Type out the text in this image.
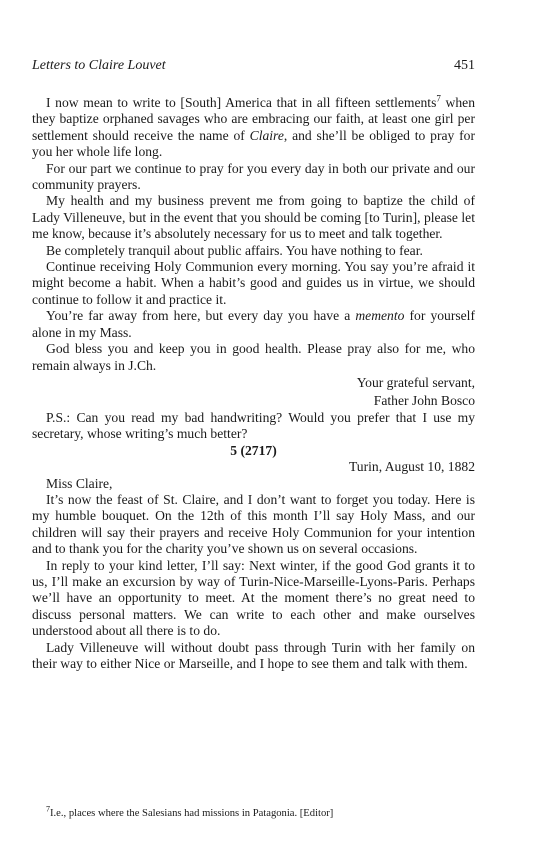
Letters to Claire Louvet	451

I now mean to write to [South] America that in all fifteen settlements$^7$ when they baptize orphaned savages who are embracing our faith, at least one girl per settlement should receive the name of Claire, and she’ll be obliged to pray for you her whole life long.

For our part we continue to pray for you every day in both our private and our community prayers.

My health and my business prevent me from going to baptize the child of Lady Villeneuve, but in the event that you should be coming [to Turin], please let me know, because it’s absolutely necessary for us to meet and talk together.

Be completely tranquil about public affairs. You have nothing to fear.

Continue receiving Holy Communion every morning. You say you’re afraid it might become a habit. When a habit’s good and guides us in virtue, we should continue to follow it and practice it.

You’re far away from here, but every day you have a memento for yourself alone in my Mass.

God bless you and keep you in good health. Please pray also for me, who remain always in J.Ch.

Your grateful servant,

Father John Bosco

P.S.: Can you read my bad handwriting? Would you prefer that I use my secretary, whose writing’s much better?

5 (2717)

Turin, August 10, 1882

Miss Claire,

It’s now the feast of St. Claire, and I don’t want to forget you today. Here is my humble bouquet. On the 12th of this month I’ll say Holy Mass, and our children will say their prayers and receive Holy Communion for your intention and to thank you for the charity you’ve shown us on several occasions.

In reply to your kind letter, I’ll say: Next winter, if the good God grants it to us, I’ll make an excursion by way of Turin-Nice-Marseille-Lyons-Paris. Perhaps we’ll have an opportunity to meet. At the moment there’s no great need to discuss personal matters. We can write to each other and make ourselves understood about all there is to do.

Lady Villeneuve will without doubt pass through Turin with her family on their way to either Nice or Marseille, and I hope to see them and talk with them.

$^7$I.e., places where the Salesians had missions in Patagonia. [Editor]
